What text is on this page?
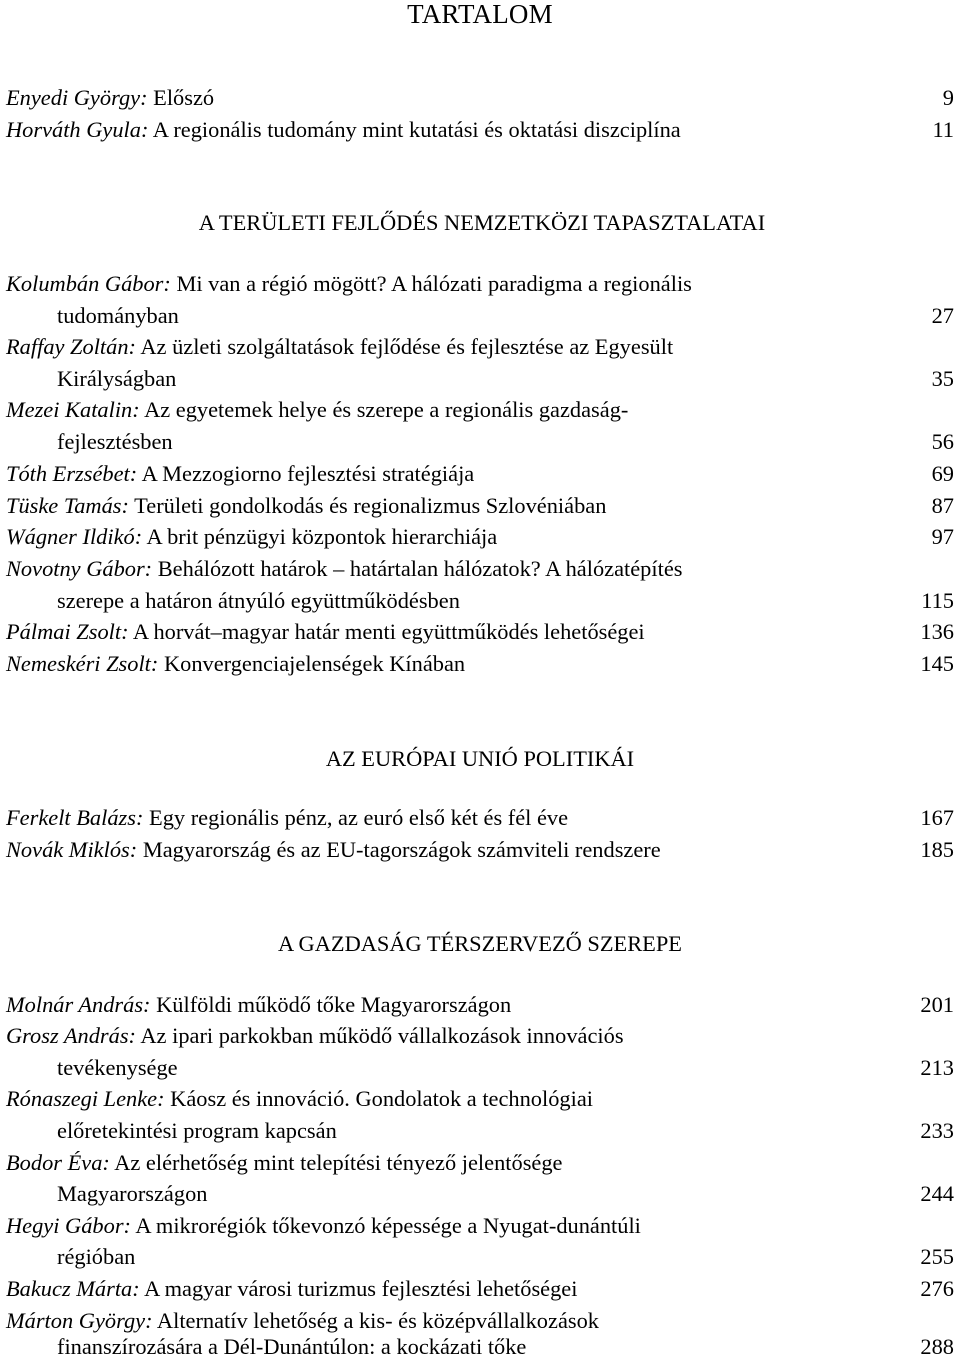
TARTALOM
Enyedi György: Előszó	9
Horváth Gyula: A regionális tudomány mint kutatási és oktatási diszciplína	11
A TERÜLETI FEJLŐDÉS NEMZETKÖZI TAPASZTALATAI
Kolumbán Gábor: Mi van a régió mögött? A hálózati paradigma a regionális
tudományban	27
Raffay Zoltán: Az üzleti szolgáltatások fejlődése és fejlesztése az Egyesült
Királyságban	35
Mezei Katalin: Az egyetemek helye és szerepe a regionális gazdaság-
fejlesztésben	56
Tóth Erzsébet: A Mezzogiorno fejlesztési stratégiája	69
Tüske Tamás: Területi gondolkodás és regionalizmus Szlovéniában	87
Wágner Ildikó: A brit pénzügyi központok hierarchiája	97
Novotny Gábor: Behálózott határok – határtalan hálózatok? A hálózatépítés
szerepe a határon átnyúló együttműködésben	115
Pálmai Zsolt: A horvát–magyar határ menti együttműködés lehetőségei	136
Nemeskéri Zsolt: Konvergenciajelenségek Kínában	145
AZ EURÓPAI UNIÓ POLITIKÁI
Ferkelt Balázs: Egy regionális pénz, az euró első két és fél éve	167
Novák Miklós: Magyarország és az EU-tagországok számviteli rendszere	185
A GAZDASÁG TÉRSZERVEZŐ SZEREPE
Molnár András: Külföldi működő tőke Magyarországon	201
Grosz András: Az ipari parkokban működő vállalkozások innovációs
tevékenysége	213
Rónaszegi Lenke: Káosz és innováció. Gondolatok a technológiai
előretekintési program kapcsán	233
Bodor Éva: Az elérhetőség mint telepítési tényező jelentősége
Magyarországon	244
Hegyi Gábor: A mikrorégiók tőkevonzó képessége a Nyugat-dunántúli
régióban	255
Bakucz Márta: A magyar városi turizmus fejlesztési lehetőségei	276
Márton György: Alternatív lehetőség a kis- és középvállalkozások
finanszírozására a Dél-Dunántúlon: a kockázati tőke	288
